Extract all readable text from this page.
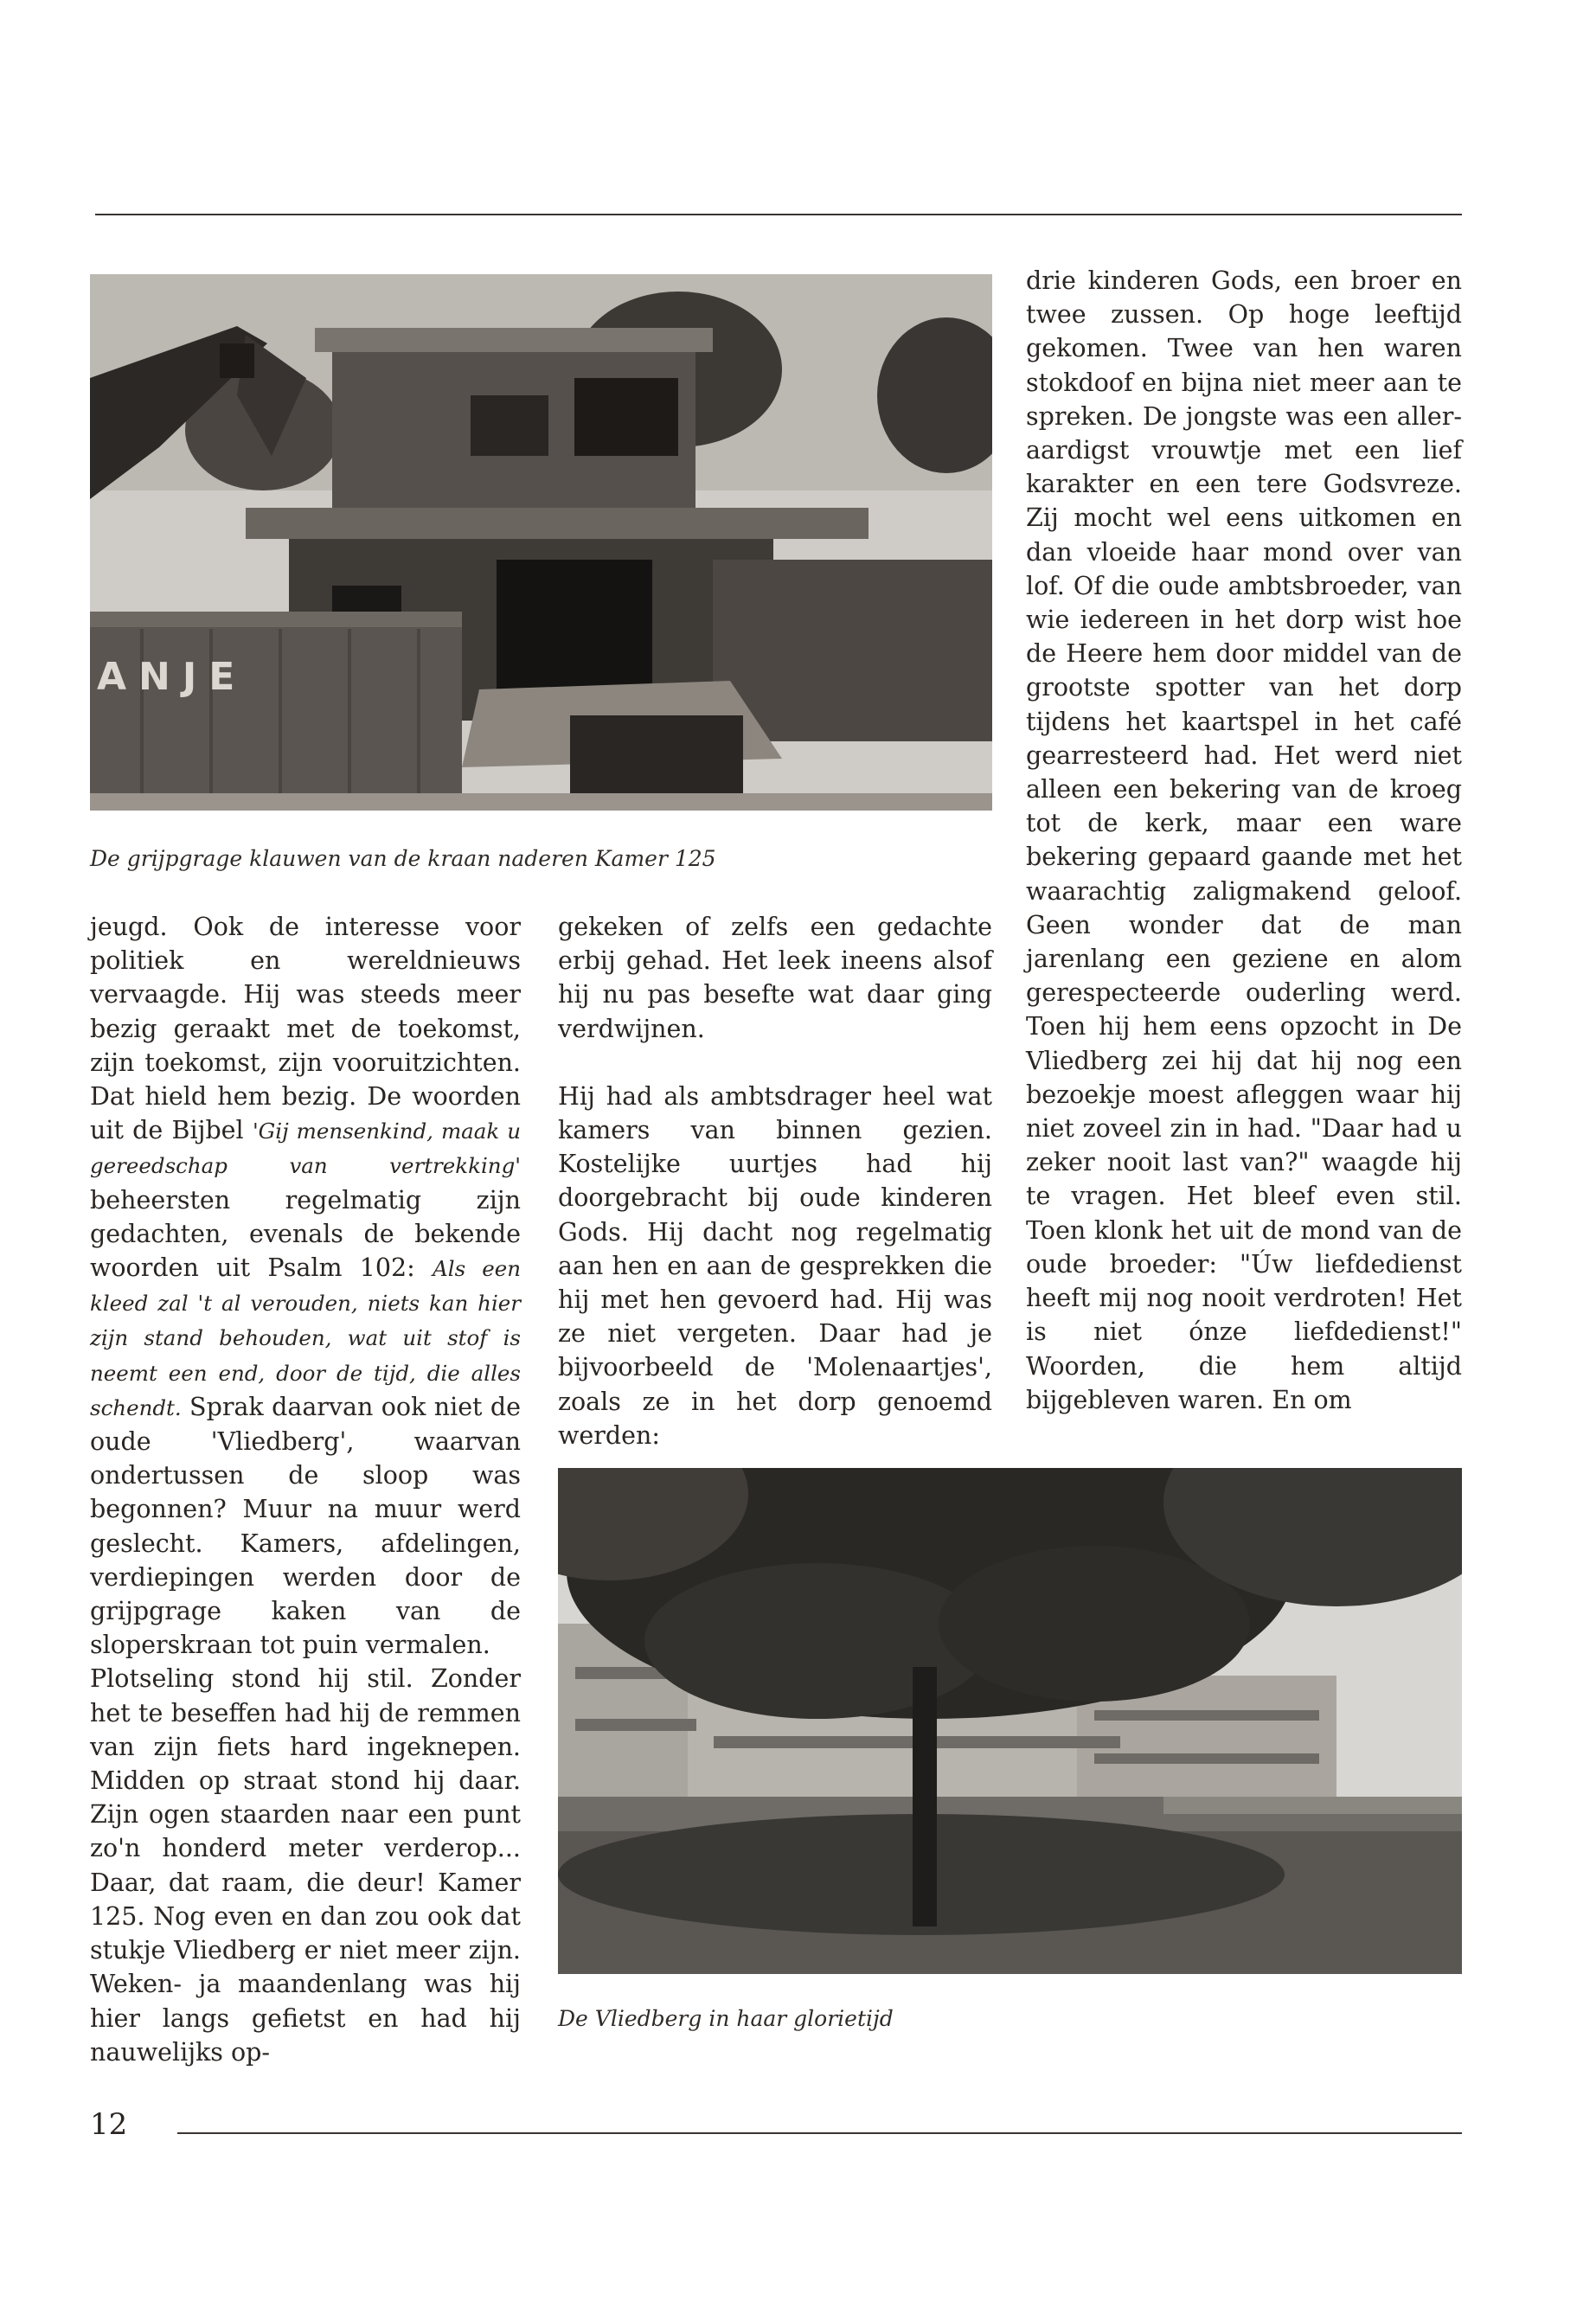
ANJE
De grijpgrage klauwen van de kraan naderen Kamer 125
De Vliedberg in haar glorietijd

jeugd. Ook de interesse voor politiek en wereldnieuws vervaagde. Hij was steeds meer bezig geraakt met de toekomst, zijn toekomst, zijn vooruitzichten. Dat hield hem bezig. De woorden uit de Bijbel 'Gij mensenkind, maak u gereedschap van vertrekking' beheersten regelmatig zijn gedachten, evenals de bekende woorden uit Psalm 102: Als een kleed zal 't al verouden, niets kan hier zijn stand behouden, wat uit stof is neemt een end, door de tijd, die alles schendt. Sprak daarvan ook niet de oude 'Vliedberg', waarvan ondertussen de sloop was begonnen? Muur na muur werd geslecht. Kamers, afdelingen, verdiepingen werden door de grijpgrage kaken van de sloperskraan tot puin vermalen.

Plotseling stond hij stil. Zonder het te beseffen had hij de remmen van zijn fiets hard ingeknepen. Midden op straat stond hij daar. Zijn ogen staarden naar een punt zo'n honderd meter verderop... Daar, dat raam, die deur! Kamer 125. Nog even en dan zou ook dat stukje Vliedberg er niet meer zijn. Weken- ja maandenlang was hij hier langs gefietst en had hij nauwelijks op-

gekeken of zelfs een gedachte erbij gehad. Het leek ineens alsof hij nu pas besefte wat daar ging verdwijnen.

Hij had als ambtsdrager heel wat kamers van binnen gezien. Kostelijke uurtjes had hij doorgebracht bij oude kinderen Gods. Hij dacht nog regelmatig aan hen en aan de gesprekken die hij met hen gevoerd had. Hij was ze niet vergeten. Daar had je bijvoorbeeld de 'Molenaartjes', zoals ze in het dorp genoemd werden:

drie kinderen Gods, een broer en twee zussen. Op hoge leeftijd gekomen. Twee van hen waren stokdoof en bijna niet meer aan te spreken. De jongste was een aller-aardigst vrouwtje met een lief karakter en een tere Godsvreze. Zij mocht wel eens uitkomen en dan vloeide haar mond over van lof. Of die oude ambtsbroeder, van wie iedereen in het dorp wist hoe de Heere hem door middel van de grootste spotter van het dorp tijdens het kaartspel in het café gearresteerd had. Het werd niet alleen een bekering van de kroeg tot de kerk, maar een ware bekering gepaard gaande met het waarachtig zaligmakend geloof. Geen wonder dat de man jarenlang een geziene en alom gerespecteerde ouderling werd. Toen hij hem eens opzocht in De Vliedberg zei hij dat hij nog een bezoekje moest afleggen waar hij niet zoveel zin in had. "Daar had u zeker nooit last van?" waagde hij te vragen. Het bleef even stil. Toen klonk het uit de mond van de oude broeder: "Úw liefdedienst heeft mij nog nooit verdroten! Het is niet ónze liefdedienst!" Woorden, die hem altijd bijgebleven waren. En om

12
